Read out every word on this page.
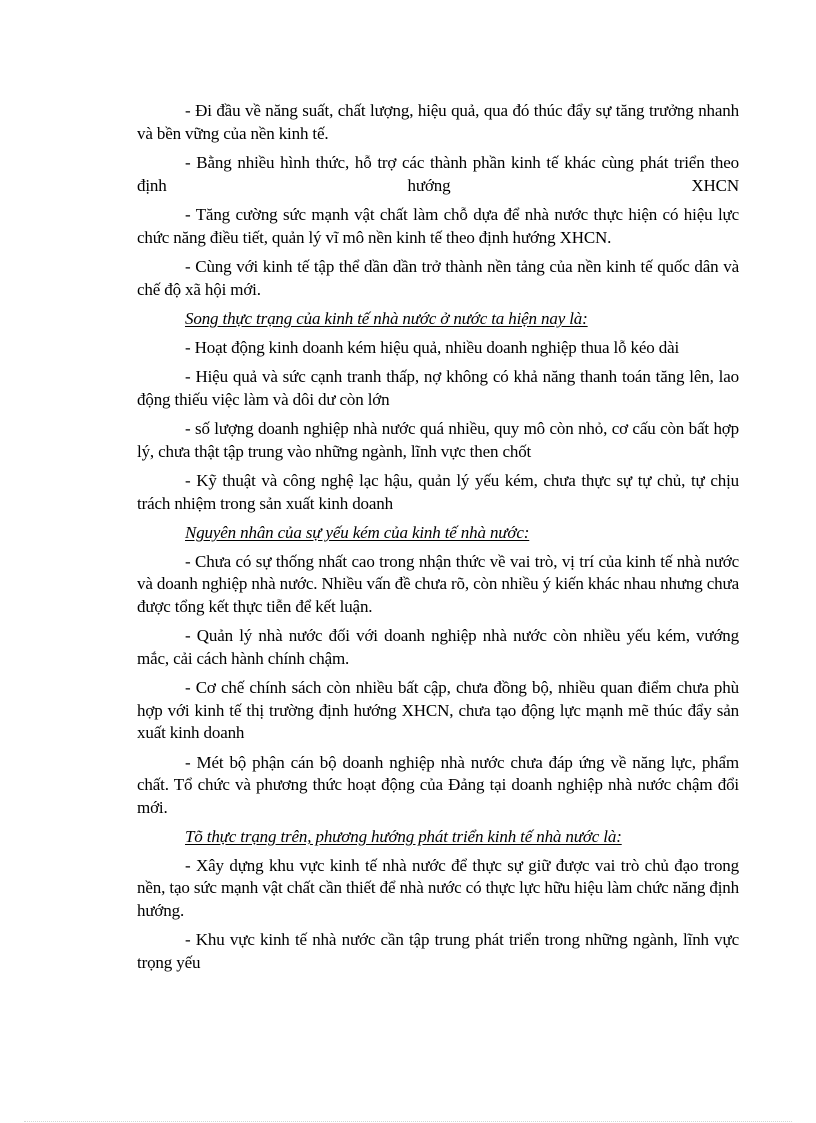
- Đi đầu về năng suất, chất lượng, hiệu quả, qua đó thúc đẩy sự tăng trưởng nhanh và bền vững của nền kinh tế.

- Bằng nhiều hình thức, hỗ trợ các thành phần kinh tế khác cùng phát triển theo định hướng XHCN

- Tăng cường sức mạnh vật chất làm chỗ dựa để nhà nước thực hiện có hiệu lực chức năng điều tiết, quản lý vĩ mô nền kinh tế theo định hướng XHCN.

- Cùng với kinh tế tập thể dần dần trở thành nền tảng của nền kinh tế quốc dân và chế độ xã hội mới.

Song thực trạng của kinh tế nhà nước ở nước ta hiện nay là:

- Hoạt động kinh doanh kém hiệu quả, nhiều doanh nghiệp thua lỗ kéo dài

- Hiệu quả và sức cạnh tranh thấp, nợ không có khả năng thanh toán tăng lên, lao động thiếu việc làm và dôi dư còn lớn

- số lượng doanh nghiệp nhà nước quá nhiều, quy mô còn nhỏ, cơ cấu còn bất hợp lý, chưa thật tập trung vào những ngành, lĩnh vực then chốt

- Kỹ thuật và công nghệ lạc hậu, quản lý yếu kém, chưa thực sự tự chủ, tự chịu trách nhiệm trong sản xuất kinh doanh

Nguyên nhân của sự yếu kém của kinh tế nhà nước:

- Chưa có sự thống nhất cao trong nhận thức về vai trò, vị trí của kinh tế nhà nước và doanh nghiệp nhà nước. Nhiều vấn đề chưa rõ, còn nhiều ý kiến khác nhau nhưng chưa được tổng kết thực tiễn để kết luận.

- Quản lý nhà nước đối với doanh nghiệp nhà nước còn nhiều yếu kém, vướng mắc, cải cách hành chính chậm.

- Cơ chế chính sách còn nhiều bất cập, chưa đồng bộ, nhiều quan điểm chưa phù hợp với kinh tế thị trường định hướng XHCN, chưa tạo động lực mạnh mẽ thúc đẩy sản xuất kinh doanh

- Mét bộ phận cán bộ doanh nghiệp nhà nước chưa đáp ứng về năng lực, phẩm chất. Tổ chức và phương thức hoạt động của Đảng tại doanh nghiệp nhà nước chậm đổi mới.

Tõ thực trạng trên, phương hướng phát triển kinh tế nhà nước là:

- Xây dựng khu vực kinh tế nhà nước để thực sự giữ được vai trò chủ đạo trong nền, tạo sức mạnh vật chất cần thiết để nhà nước có thực lực hữu hiệu làm chức năng định hướng.

- Khu vực kinh tế nhà nước cần tập trung phát triển trong những ngành, lĩnh vực trọng yếu
